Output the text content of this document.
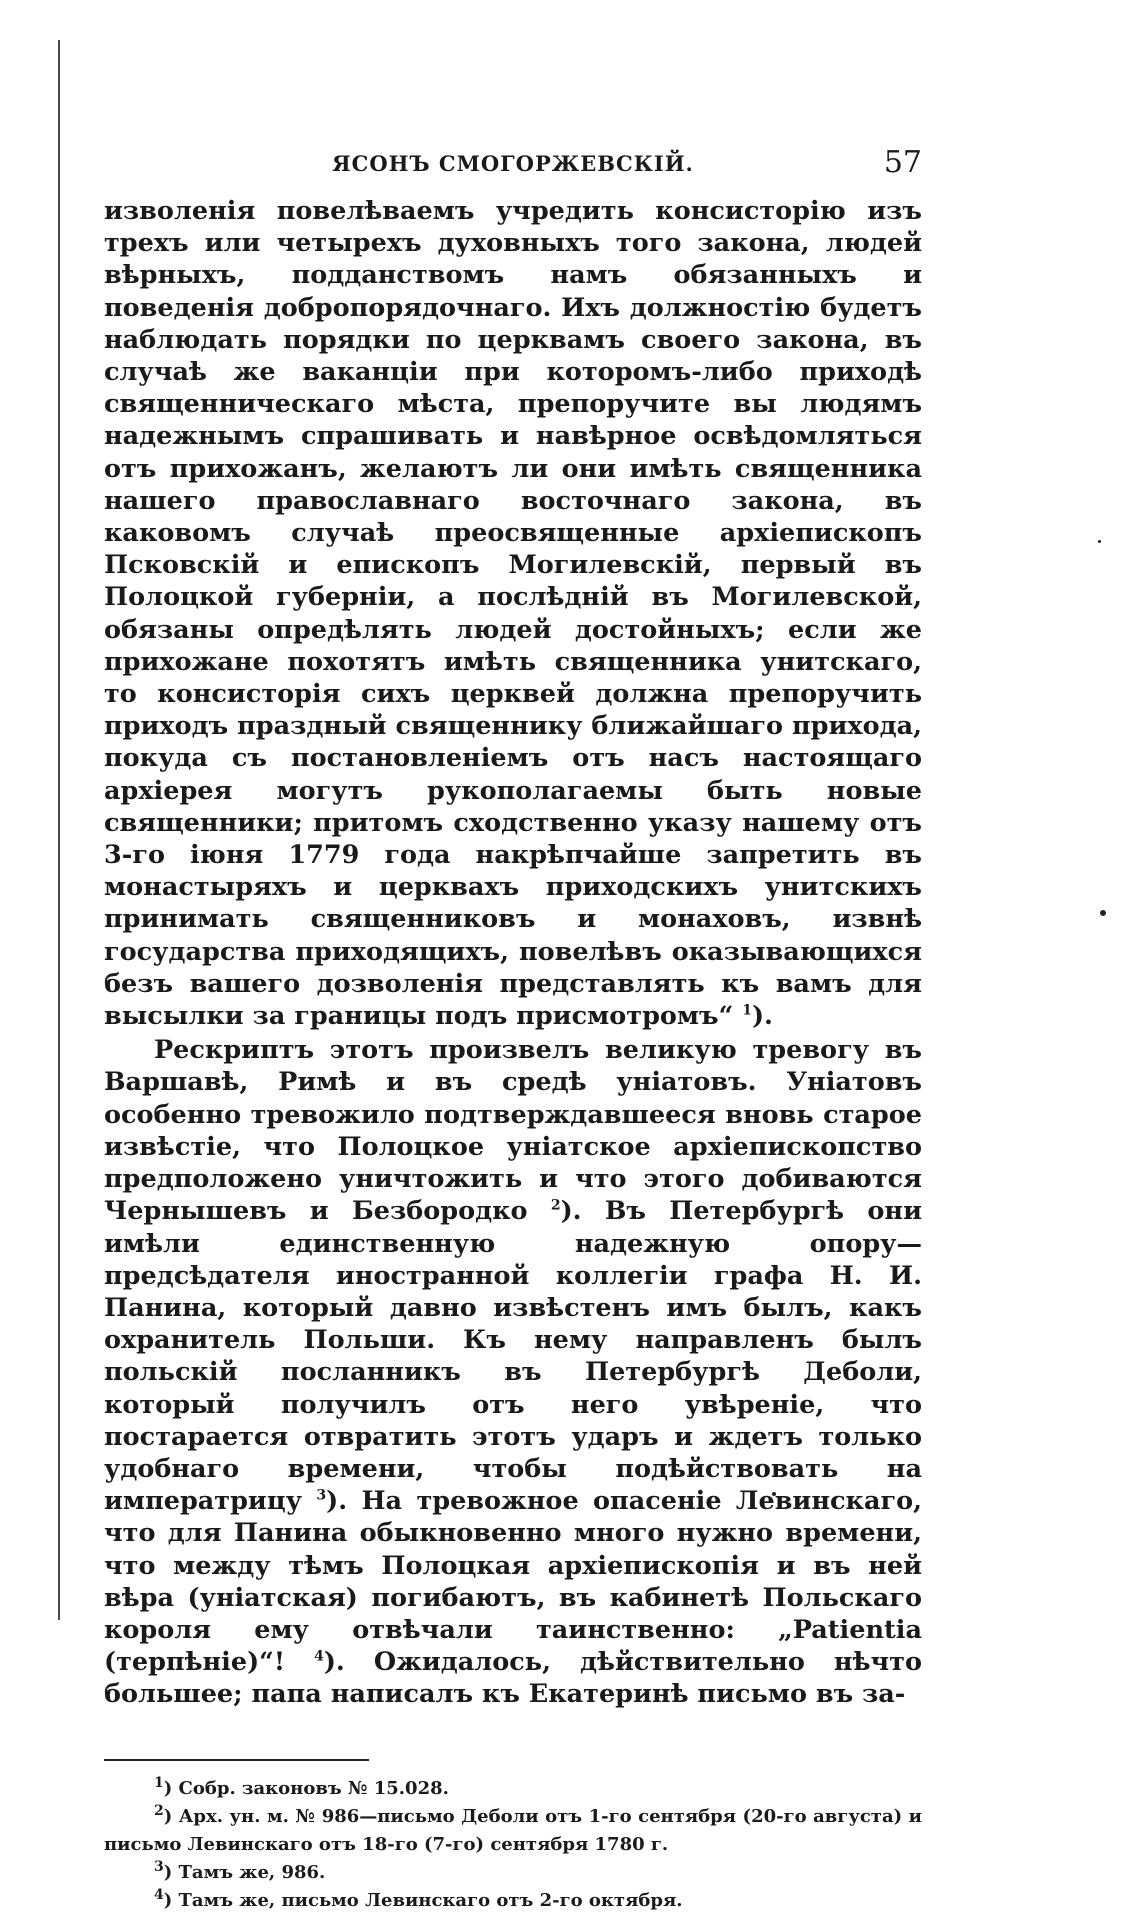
ЯСОНЪ СМОГОРЖЕВСКІЙ.	57

изволенія повелѣваемъ учредить консисторію изъ трехъ или четырехъ духовныхъ того закона, людей вѣрныхъ, подданствомъ намъ обязанныхъ и поведенія добропорядочнаго. Ихъ должностію будетъ наблюдать порядки по церквамъ своего закона, въ случаѣ же ваканціи при которомъ-либо приходѣ священническаго мѣста, препоручите вы людямъ надежнымъ спрашивать и навѣрное освѣдомляться отъ прихожанъ, желаютъ ли они имѣть священника нашего православнаго восточнаго закона, въ каковомъ случаѣ преосвященные архіепископъ Псковскій и епископъ Могилевскій, первый въ Полоцкой губерніи, а послѣдній въ Могилевской, обязаны опредѣлять людей достойныхъ; если же прихожане похотятъ имѣть священника унитскаго, то консисторія сихъ церквей должна препоручить приходъ праздный священнику ближайшаго прихода, покуда съ постановленіемъ отъ насъ настоящаго архіерея могутъ рукополагаемы быть новые священники; притомъ сходственно указу нашему отъ 3-го іюня 1779 года накрѣпчайше запретить въ монастыряхъ и церквахъ приходскихъ унитскихъ принимать священниковъ и монаховъ, извнѣ государства приходящихъ, повелѣвъ оказывающихся безъ вашего дозволенія представлять къ вамъ для высылки за границы подъ присмотромъ“ $^1$).

Рескриптъ этотъ произвелъ великую тревогу въ Варшавѣ, Римѣ и въ средѣ уніатовъ. Уніатовъ особенно тревожило подтверждавшееся вновь старое извѣстіе, что Полоцкое уніатское архіепископство предположено уничтожить и что этого добиваются Чернышевъ и Безбородко $^2$). Въ Петербургѣ они имѣли единственную надежную опору— предсѣдателя иностранной коллегіи графа Н. И. Панина, который давно извѣстенъ имъ былъ, какъ охранитель Польши. Къ нему направленъ былъ польскій посланникъ въ Петербургѣ Деболи, который получилъ отъ него увѣреніе, что постарается отвратить этотъ ударъ и ждетъ только удобнаго времени, чтобы подѣйствовать на императрицу $^3$). На тревожное опасеніе Левинскаго, что для Панина обыкновенно много нужно времени, что между тѣмъ Полоцкая архіепископія и въ ней вѣра (уніатская) погибаютъ, въ кабинетѣ Польскаго короля ему отвѣчали таинственно: „Patientia (терпѣніе)“! $^4$). Ожидалось, дѣйствительно нѣчто большее; папа написалъ къ Екатеринѣ письмо въ за-

$^1$) Собр. законовъ № 15.028.

$^2$) Арх. ун. м. № 986—письмо Деболи отъ 1-го сентября (20-го августа) и письмо Левинскаго отъ 18-го (7-го) сентября 1780 г.

$^3$) Тамъ же, 986.

$^4$) Тамъ же, письмо Левинскаго отъ 2-го октября.
